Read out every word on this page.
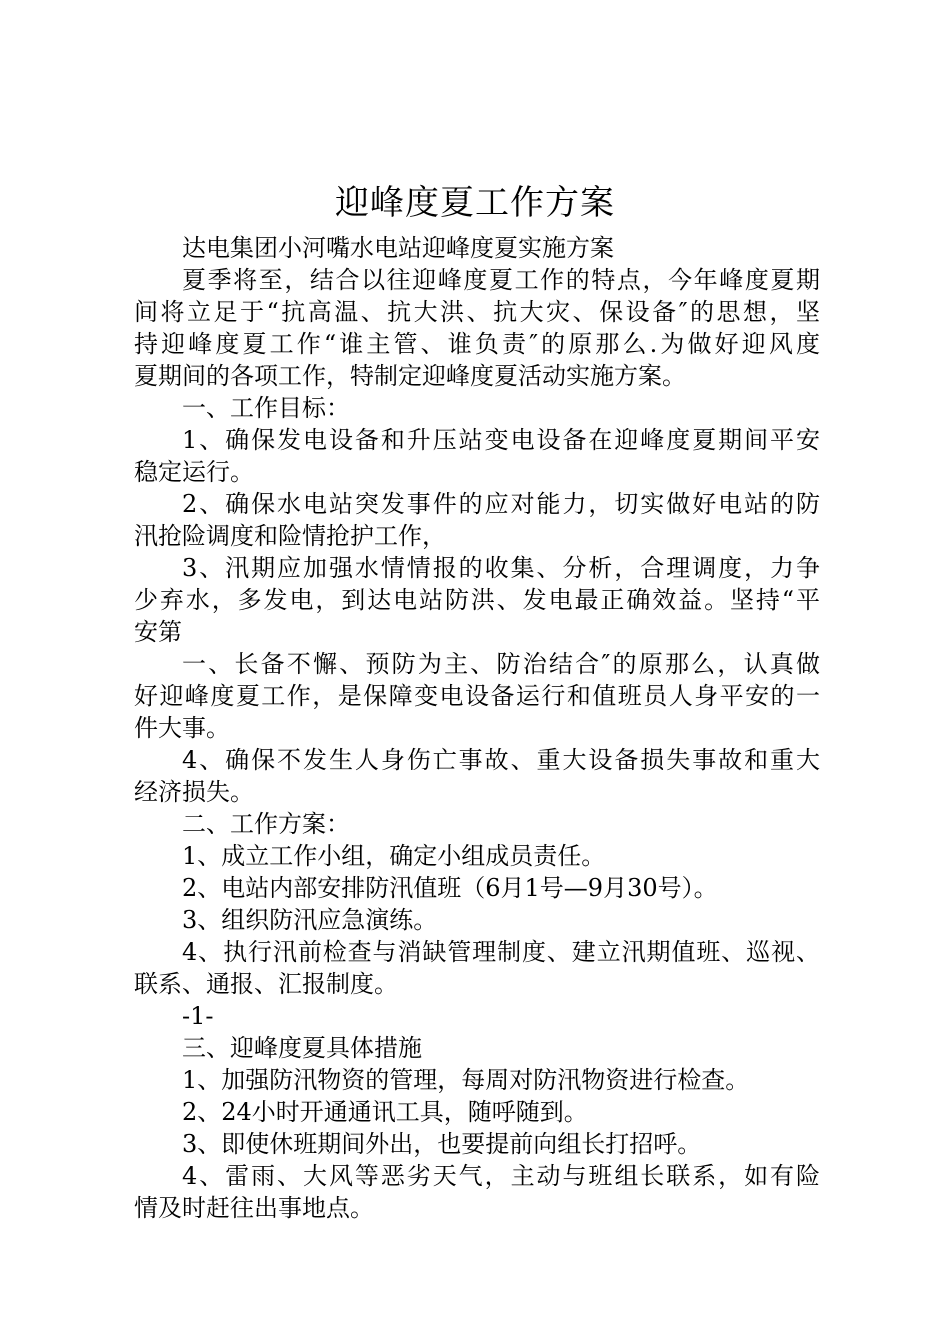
迎峰度夏工作方案
达电集团小河嘴水电站迎峰度夏实施方案
夏季将至，结合以往迎峰度夏工作的特点，今年峰度夏期
间将立足于“抗高温、抗大洪、抗大灾、保设备″的思想，坚
持迎峰度夏工作“谁主管、谁负责″的原那么.为做好迎风度
夏期间的各项工作，特制定迎峰度夏活动实施方案。
一、工作目标：
1、确保发电设备和升压站变电设备在迎峰度夏期间平安
稳定运行。
2、确保水电站突发事件的应对能力，切实做好电站的防
汛抢险调度和险情抢护工作，
3、汛期应加强水情情报的收集、分析，合理调度，力争
少弃水，多发电，到达电站防洪、发电最正确效益。坚持“平
安第
一、长备不懈、预防为主、防治结合″的原那么，认真做
好迎峰度夏工作，是保障变电设备运行和值班员人身平安的一
件大事。
4、确保不发生人身伤亡事故、重大设备损失事故和重大
经济损失。
二、工作方案：
1、成立工作小组，确定小组成员责任。
2、电站内部安排防汛值班（6月1号—9月30号）。
3、组织防汛应急演练。
4、执行汛前检查与消缺管理制度、建立汛期值班、巡视、
联系、通报、汇报制度。
-1-
三、迎峰度夏具体措施
1、加强防汛物资的管理，每周对防汛物资进行检查。
2、24小时开通通讯工具，随呼随到。
3、即使休班期间外出，也要提前向组长打招呼。
4、雷雨、大风等恶劣天气，主动与班组长联系，如有险
情及时赶往出事地点。
